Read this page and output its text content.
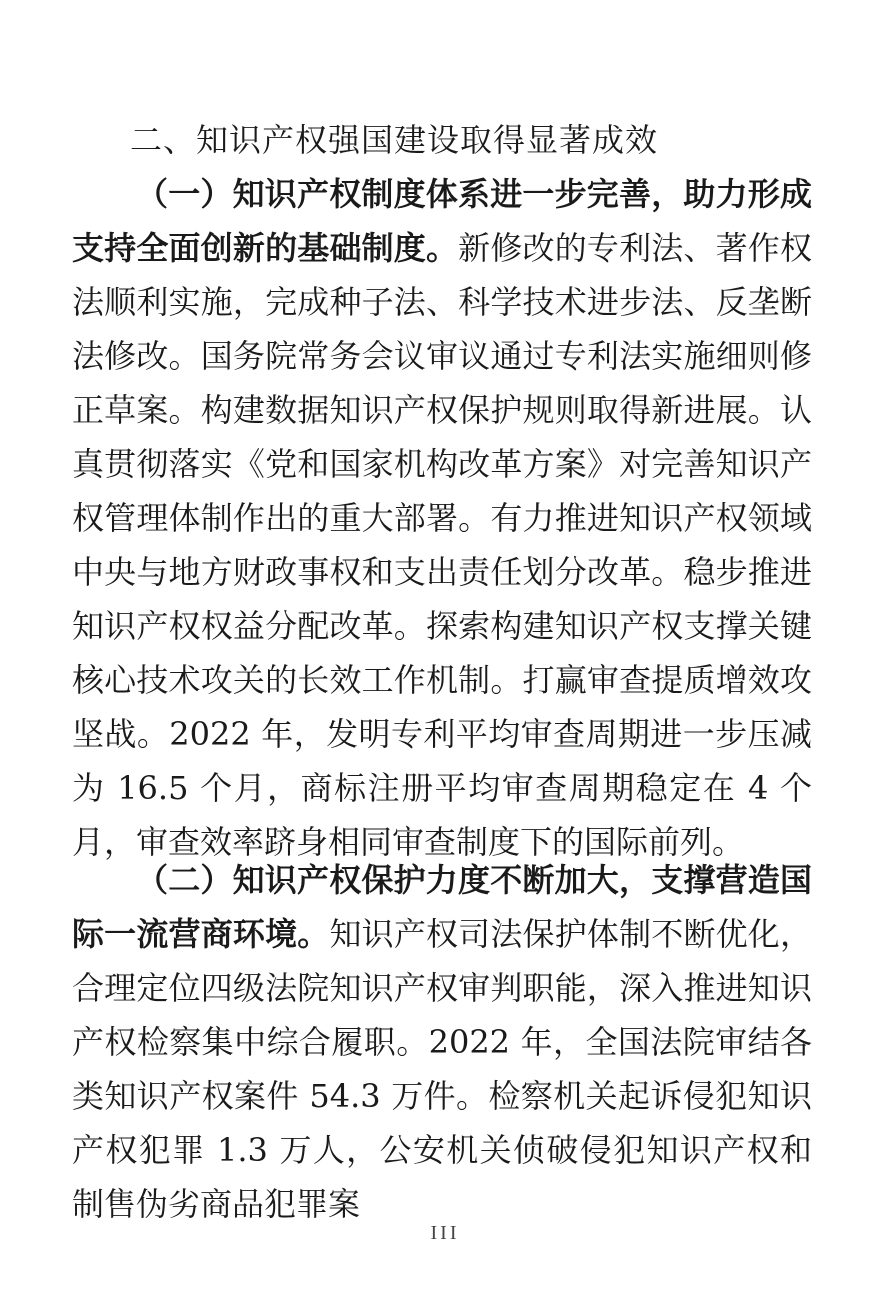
二、知识产权强国建设取得显著成效

（一）知识产权制度体系进一步完善，助力形成支持全面创新的基础制度。新修改的专利法、著作权法顺利实施，完成种子法、科学技术进步法、反垄断法修改。国务院常务会议审议通过专利法实施细则修正草案。构建数据知识产权保护规则取得新进展。认真贯彻落实《党和国家机构改革方案》对完善知识产权管理体制作出的重大部署。有力推进知识产权领域中央与地方财政事权和支出责任划分改革。稳步推进知识产权权益分配改革。探索构建知识产权支撑关键核心技术攻关的长效工作机制。打赢审查提质增效攻坚战。2022 年，发明专利平均审查周期进一步压减为 16.5 个月，商标注册平均审查周期稳定在 4 个月，审查效率跻身相同审查制度下的国际前列。

（二）知识产权保护力度不断加大，支撑营造国际一流营商环境。知识产权司法保护体制不断优化，合理定位四级法院知识产权审判职能，深入推进知识产权检察集中综合履职。2022 年，全国法院审结各类知识产权案件 54.3 万件。检察机关起诉侵犯知识产权犯罪 1.3 万人，公安机关侦破侵犯知识产权和制售伪劣商品犯罪案

III
